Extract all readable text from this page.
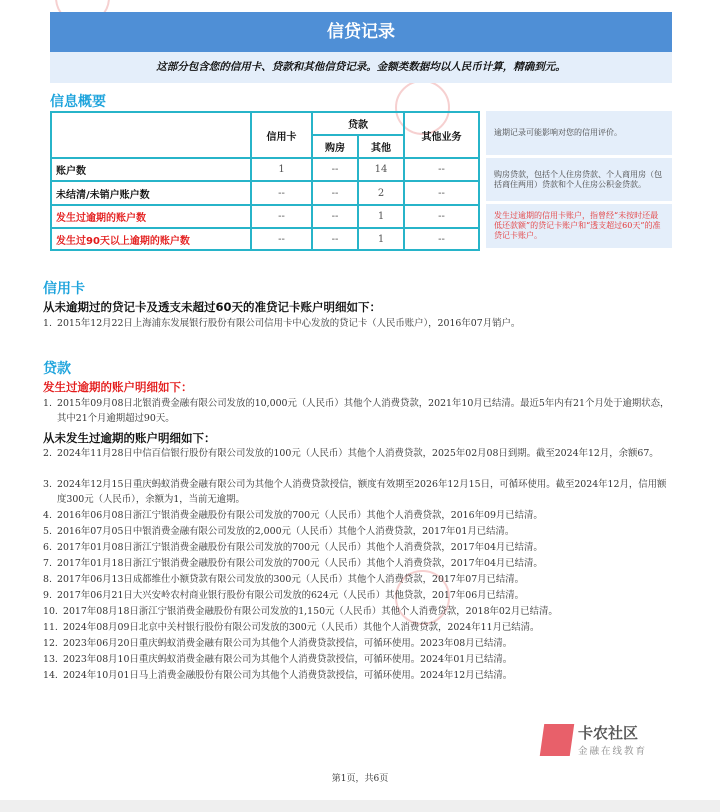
信贷记录
这部分包含您的信用卡、贷款和其他信贷记录。金额类数据均以人民币计算，精确到元。
信息概要
	信用卡	贷款		其他业务
		购房	其他	
账户数	1	--	14	--
未结清/未销户账户数	--	--	2	--
发生过逾期的账户数	--	--	1	--
发生过90天以上逾期的账户数	--	--	1	--
逾期记录可能影响对您的信用评价。
购房贷款，包括个人住房贷款、个人商用房（包括商住两用）贷款和个人住房公积金贷款。
发生过逾期的信用卡账户，指曾经“未按时还最低还款额”的贷记卡账户和“透支超过60天”的准贷记卡账户。
信用卡
从未逾期过的贷记卡及透支未超过60天的准贷记卡账户明细如下：
1. 2015年12月22日上海浦东发展银行股份有限公司信用卡中心发放的贷记卡（人民币账户），2016年07月销户。
贷款
发生过逾期的账户明细如下：
1. 2015年09月08日北银消费金融有限公司发放的10,000元（人民币）其他个人消费贷款，2021年10月已结清。最近5年内有21个月处于逾期状态，其中21个月逾期超过90天。
从未发生过逾期的账户明细如下：
2. 2024年11月28日中信百信银行股份有限公司发放的100元（人民币）其他个人消费贷款，2025年02月08日到期。截至2024年12月，余额67。
3. 2024年12月15日重庆蚂蚁消费金融有限公司为其他个人消费贷款授信，额度有效期至2026年12月15日，可循环使用。截至2024年12月，信用额度300元（人民币），余额为1，当前无逾期。
4. 2016年06月08日浙江宁银消费金融股份有限公司发放的700元（人民币）其他个人消费贷款，2016年09月已结清。
5. 2016年07月05日中银消费金融有限公司发放的2,000元（人民币）其他个人消费贷款，2017年01月已结清。
6. 2017年01月08日浙江宁银消费金融股份有限公司发放的700元（人民币）其他个人消费贷款，2017年04月已结清。
7. 2017年01月18日浙江宁银消费金融股份有限公司发放的700元（人民币）其他个人消费贷款，2017年04月已结清。
8. 2017年06月13日成都维仕小额贷款有限公司发放的300元（人民币）其他个人消费贷款，2017年07月已结清。
9. 2017年06月21日大兴安岭农村商业银行股份有限公司发放的624元（人民币）其他贷款，2017年06月已结清。
10. 2017年08月18日浙江宁银消费金融股份有限公司发放的1,150元（人民币）其他个人消费贷款，2018年02月已结清。
11. 2024年08月09日北京中关村银行股份有限公司发放的300元（人民币）其他个人消费贷款，2024年11月已结清。
12. 2023年06月20日重庆蚂蚁消费金融有限公司为其他个人消费贷款授信，可循环使用。2023年08月已结清。
13. 2023年08月10日重庆蚂蚁消费金融有限公司为其他个人消费贷款授信，可循环使用。2024年01月已结清。
14. 2024年10月01日马上消费金融股份有限公司为其他个人消费贷款授信，可循环使用。2024年12月已结清。
卡农社区
金融在线教育
第1页，共6页
